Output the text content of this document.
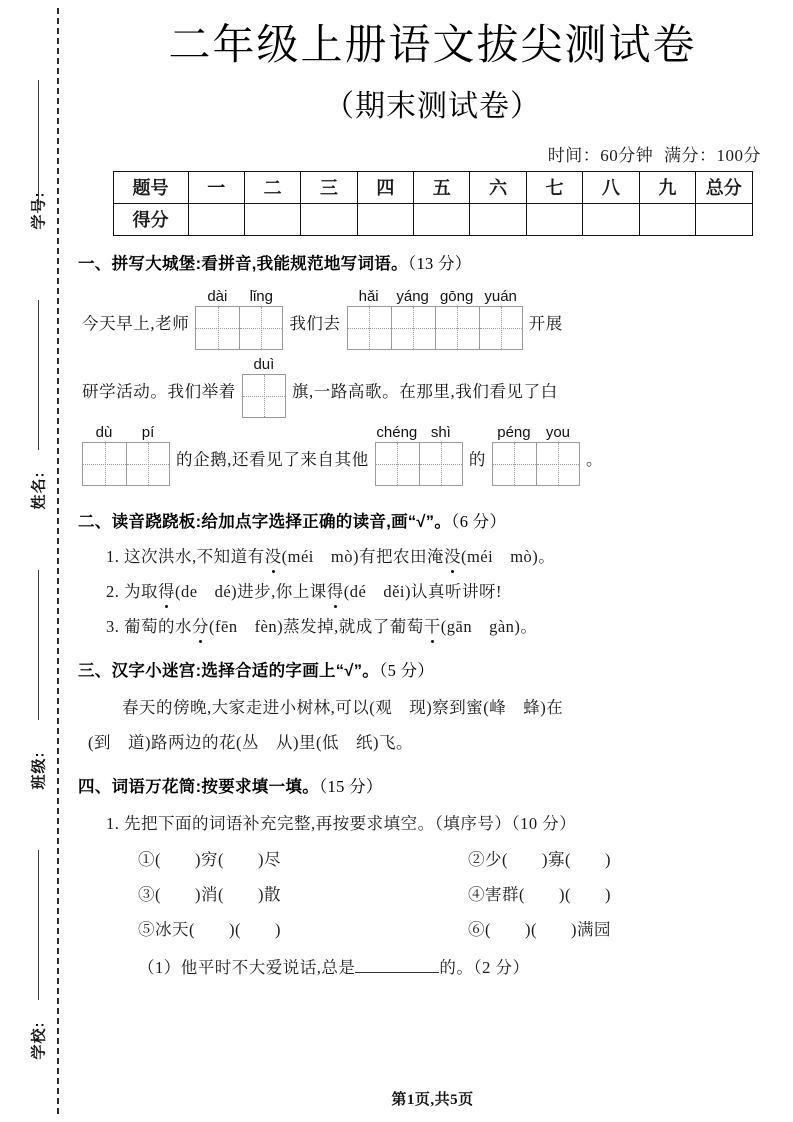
学号:
姓名:
班级:
学校:
二年级上册语文拔尖测试卷
（期末测试卷）
时间：60分钟 满分：100分
题号	一	二	三	四	五	六	七	八	九	总分
得分										
一、拼写大城堡:看拼音,我能规范地写词语。（13 分）
今天早上,老师
dài	lǐng
我们去
hǎi	yáng gōng yuán
开展
研学活动。我们举着
duì
旗,一路高歌。在那里,我们看见了白
dù	pí
的企鹅,还看见了来自其他
chéng shì
的
péng	you
。
二、读音跷跷板:给加点字选择正确的读音,画“√”。（6 分）
1. 这次洪水,不知道有没(méi　mò)有把农田淹没(méi　mò)。
2. 为取得(de　dé)进步,你上课得(dé　děi)认真听讲呀!
3. 葡萄的水分(fēn　fèn)蒸发掉,就成了葡萄干(gān　gàn)。
三、汉字小迷宫:选择合适的字画上“√”。（5 分）
　　春天的傍晚,大家走进小树林,可以(观　现)察到蜜(峰　蜂)在
(到　道)路两边的花(丛　从)里(低　纸)飞。
四、词语万花筒:按要求填一填。（15 分）
1. 先把下面的词语补充完整,再按要求填空。（填序号）（10 分）
①(　　)穷(　　)尽	②少(　　)寡(　　)
③(　　)消(　　)散	④害群(　　)(　　)
⑤冰天(　　)(　　)	⑥(　　)(　　)满园
（1）他平时不大爱说话,总是	的。（2 分）
第1页,共5页
